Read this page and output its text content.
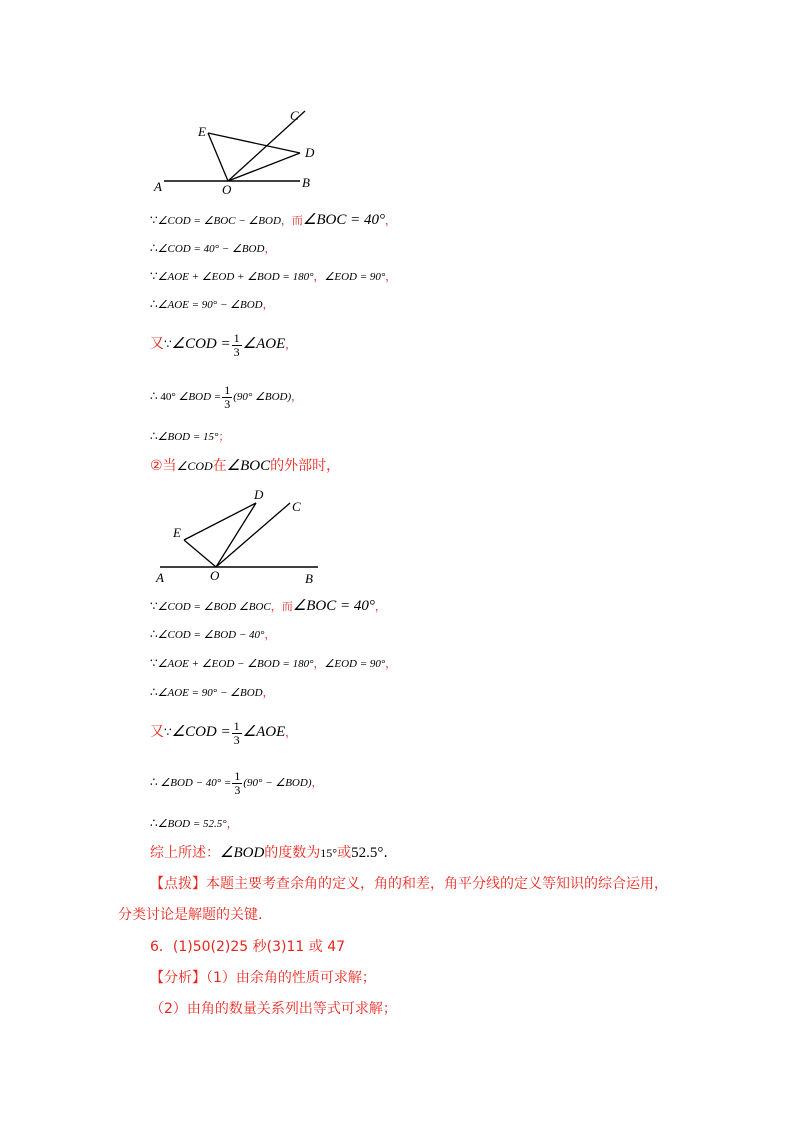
A	O	B
E
C
D
∵∠COD = ∠BOC − ∠BOD，而∠BOC = 40°，
∴∠COD = 40° − ∠BOD，
∵∠AOE + ∠EOD + ∠BOD = 180°，∠EOD = 90°，
∴∠AOE = 90° − ∠BOD，
又∵∠COD = $\frac{1}{3}$ ∠AOE，
∴ 40° ∠BOD = $\frac{1}{3} (90^\circ$ ∠BOD)，
∴∠BOD = 15°；
②当∠COD在∠BOC的外部时，
A	O	B
E
D
C
∵∠COD = ∠BOD ∠BOC，而∠BOC = 40°，
∴∠COD = ∠BOD − 40°，
∵∠AOE + ∠EOD − ∠BOD = 180°，∠EOD = 90°，
∴∠AOE = 90° − ∠BOD，
又∵∠COD = $\frac{1}{3}$ ∠AOE，
∴ ∠BOD − $40^\circ = \frac{1}{3} (90^\circ$ − ∠BOD)，
∴∠BOD = 52.5°，
综上所述：∠BOD的度数为15°或52.5°.
【点拨】本题主要考查余角的定义，角的和差，角平分线的定义等知识的综合运用，
分类讨论是解题的关键.
6．(1)50(2)25 秒(3)11 或 47
【分析】（1）由余角的性质可求解；
（2）由角的数量关系列出等式可求解；
